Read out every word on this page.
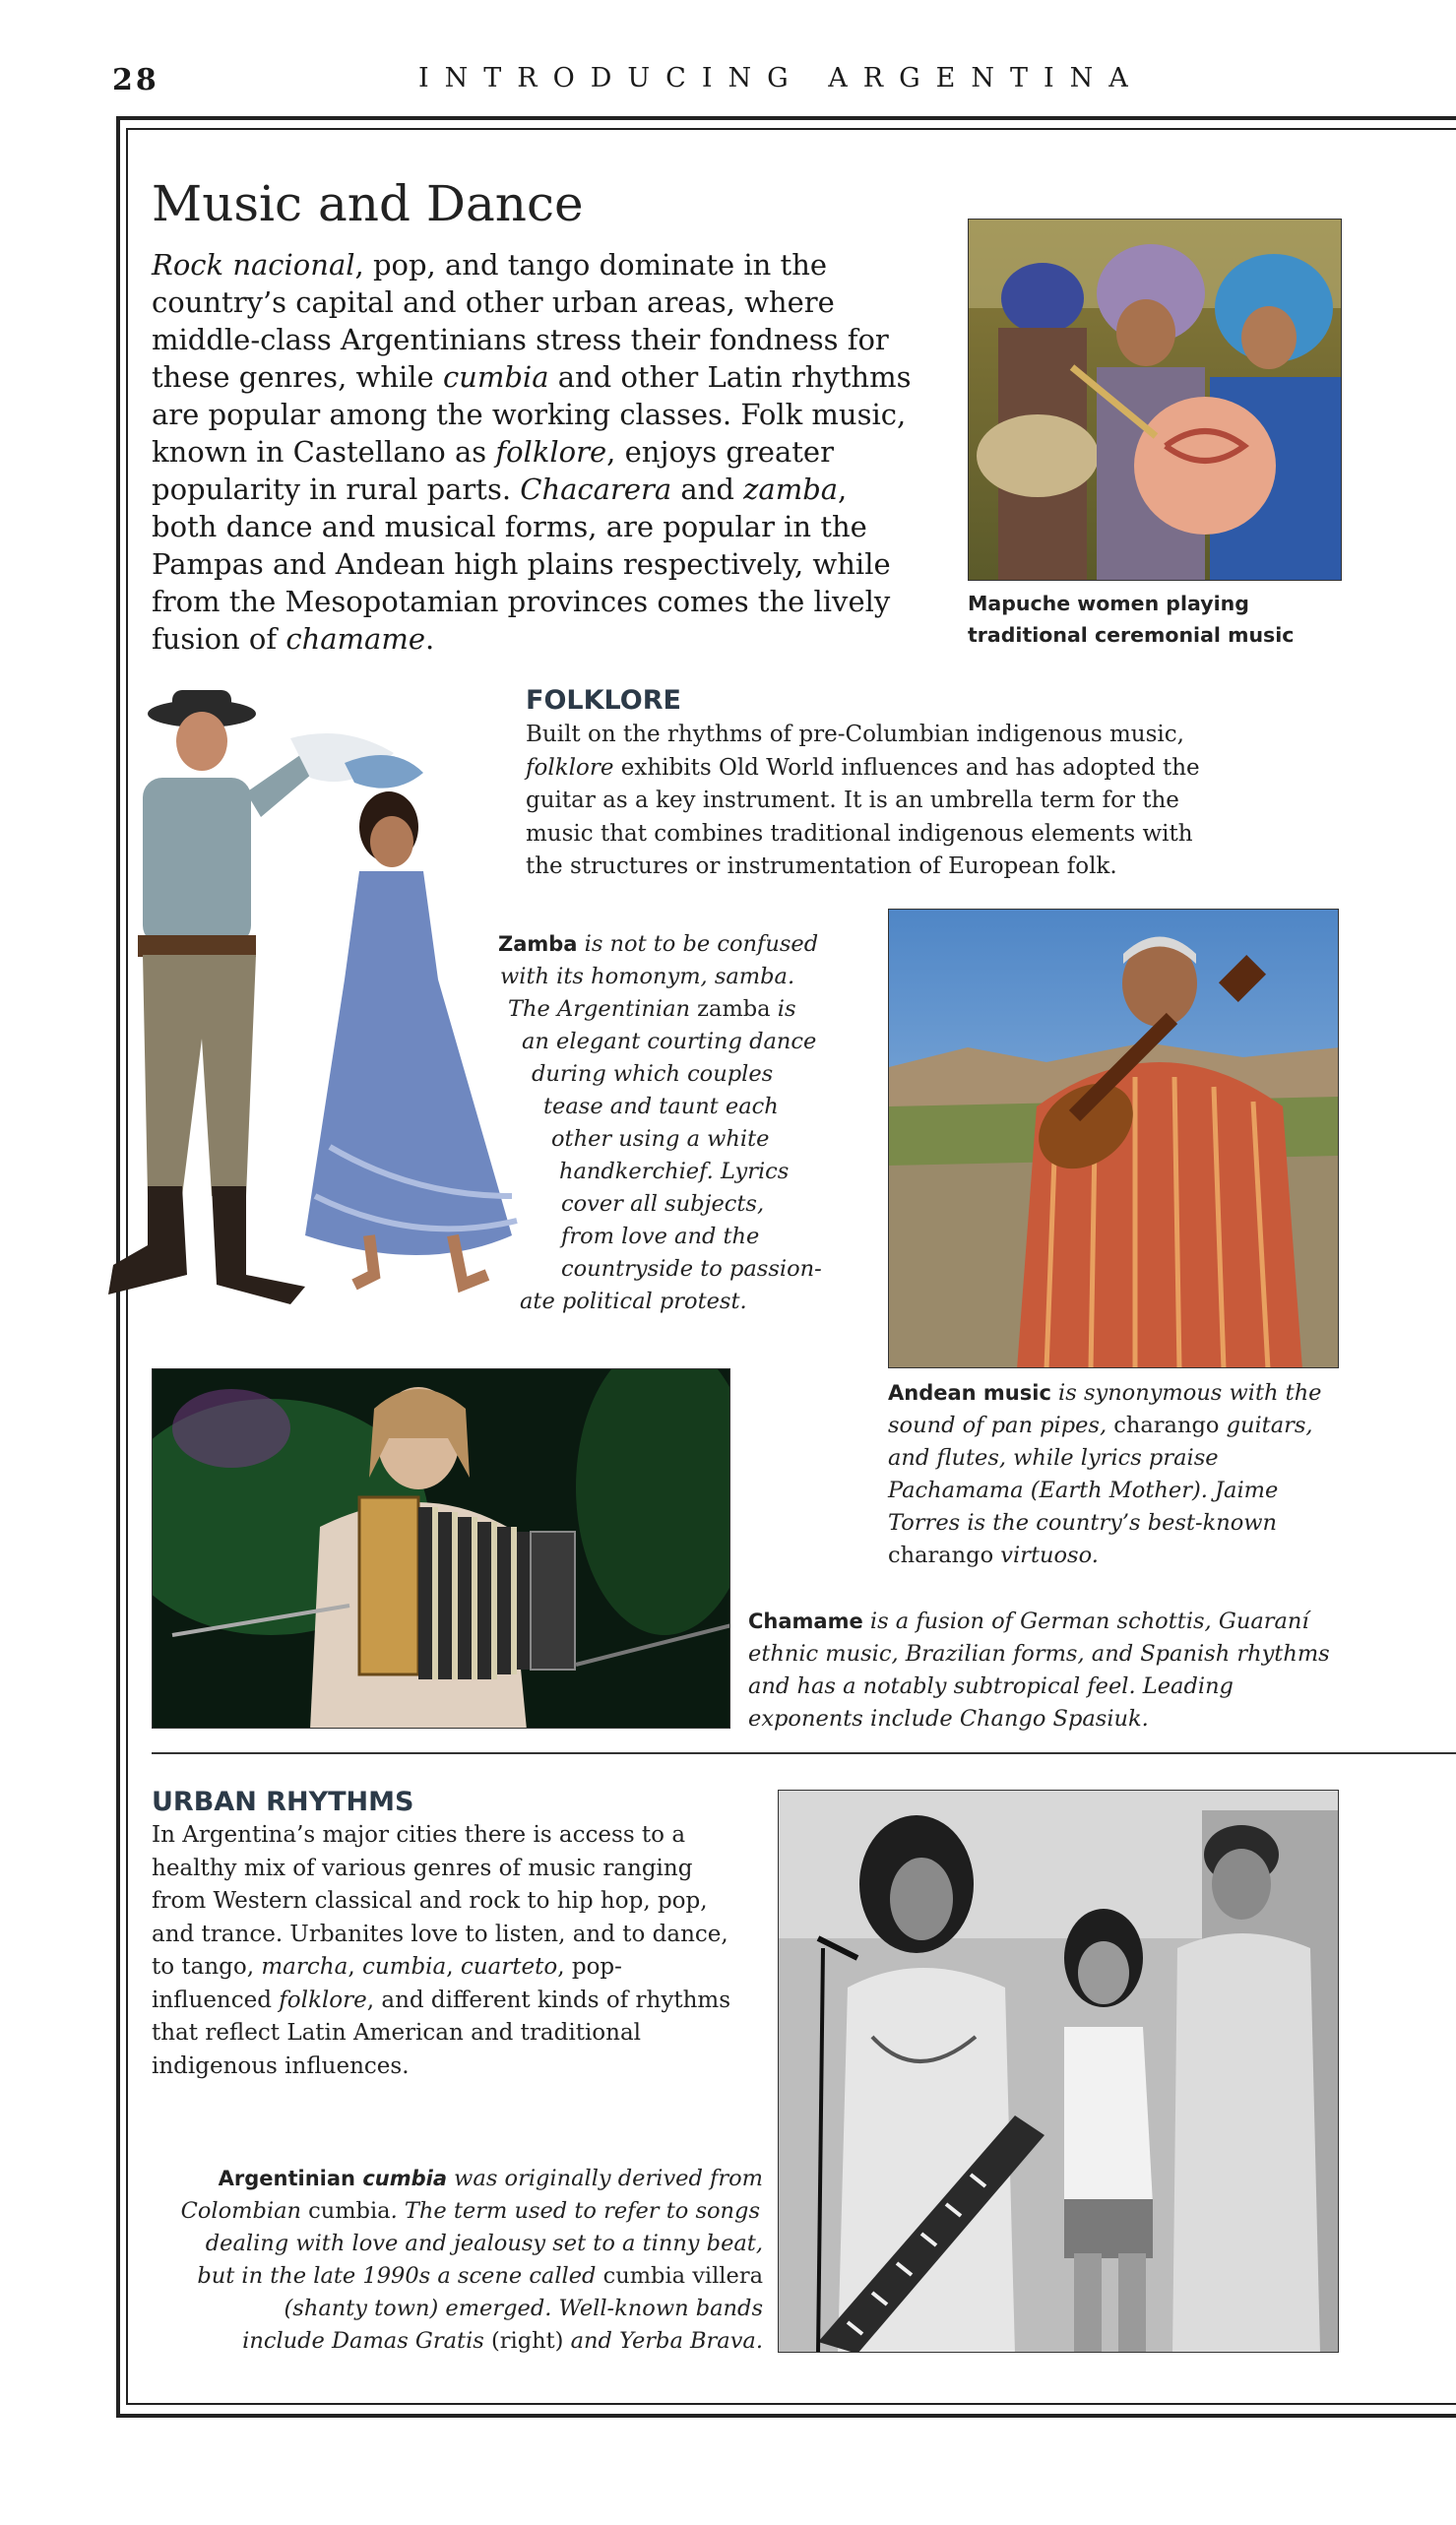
28	INTRODUCING ARGENTINA
Music and Dance
Rock nacional, pop, and tango dominate in the country’s capital and other urban areas, where middle-class Argentinians stress their fondness for these genres, while cumbia and other Latin rhythms are popular among the working classes. Folk music, known in Castellano as folklore, enjoys greater popularity in rural parts. Chacarera and zamba, both dance and musical forms, are popular in the Pampas and Andean high plains respectively, while from the Mesopotamian provinces comes the lively fusion of chamame.
Mapuche women playing
traditional ceremonial music
FOLKLORE
Built on the rhythms of pre-Columbian indigenous music, folklore exhibits Old World influences and has adopted the guitar as a key instrument. It is an umbrella term for the music that combines traditional indigenous elements with the structures or instrumentation of European folk.
Zamba is not to be confused
with its homonym, samba.
The Argentinian zamba is
an elegant courting dance
during which couples
tease and taunt each
other using a white
handkerchief. Lyrics
cover all subjects,
from love and the
countryside to passion-
ate political protest.
Andean music is synonymous with the sound of pan pipes, charango guitars, and flutes, while lyrics praise Pachamama (Earth Mother). Jaime Torres is the country’s best-known charango virtuoso.
Chamame is a fusion of German schottis, Guaraní ethnic music, Brazilian forms, and Spanish rhythms and has a notably subtropical feel. Leading exponents include Chango Spasiuk.
URBAN RHYTHMS
In Argentina’s major cities there is access to a healthy mix of various genres of music ranging from Western classical and rock to hip hop, pop, and trance. Urbanites love to listen, and to dance, to tango, marcha, cumbia, cuarteto, pop-influenced folklore, and different kinds of rhythms that reflect Latin American and traditional indigenous influences.
Argentinian cumbia was originally derived from
Colombian cumbia. The term used to refer to songs
dealing with love and jealousy set to a tinny beat,
but in the late 1990s a scene called cumbia villera
(shanty town) emerged. Well-known bands
include Damas Gratis (right) and Yerba Brava.
